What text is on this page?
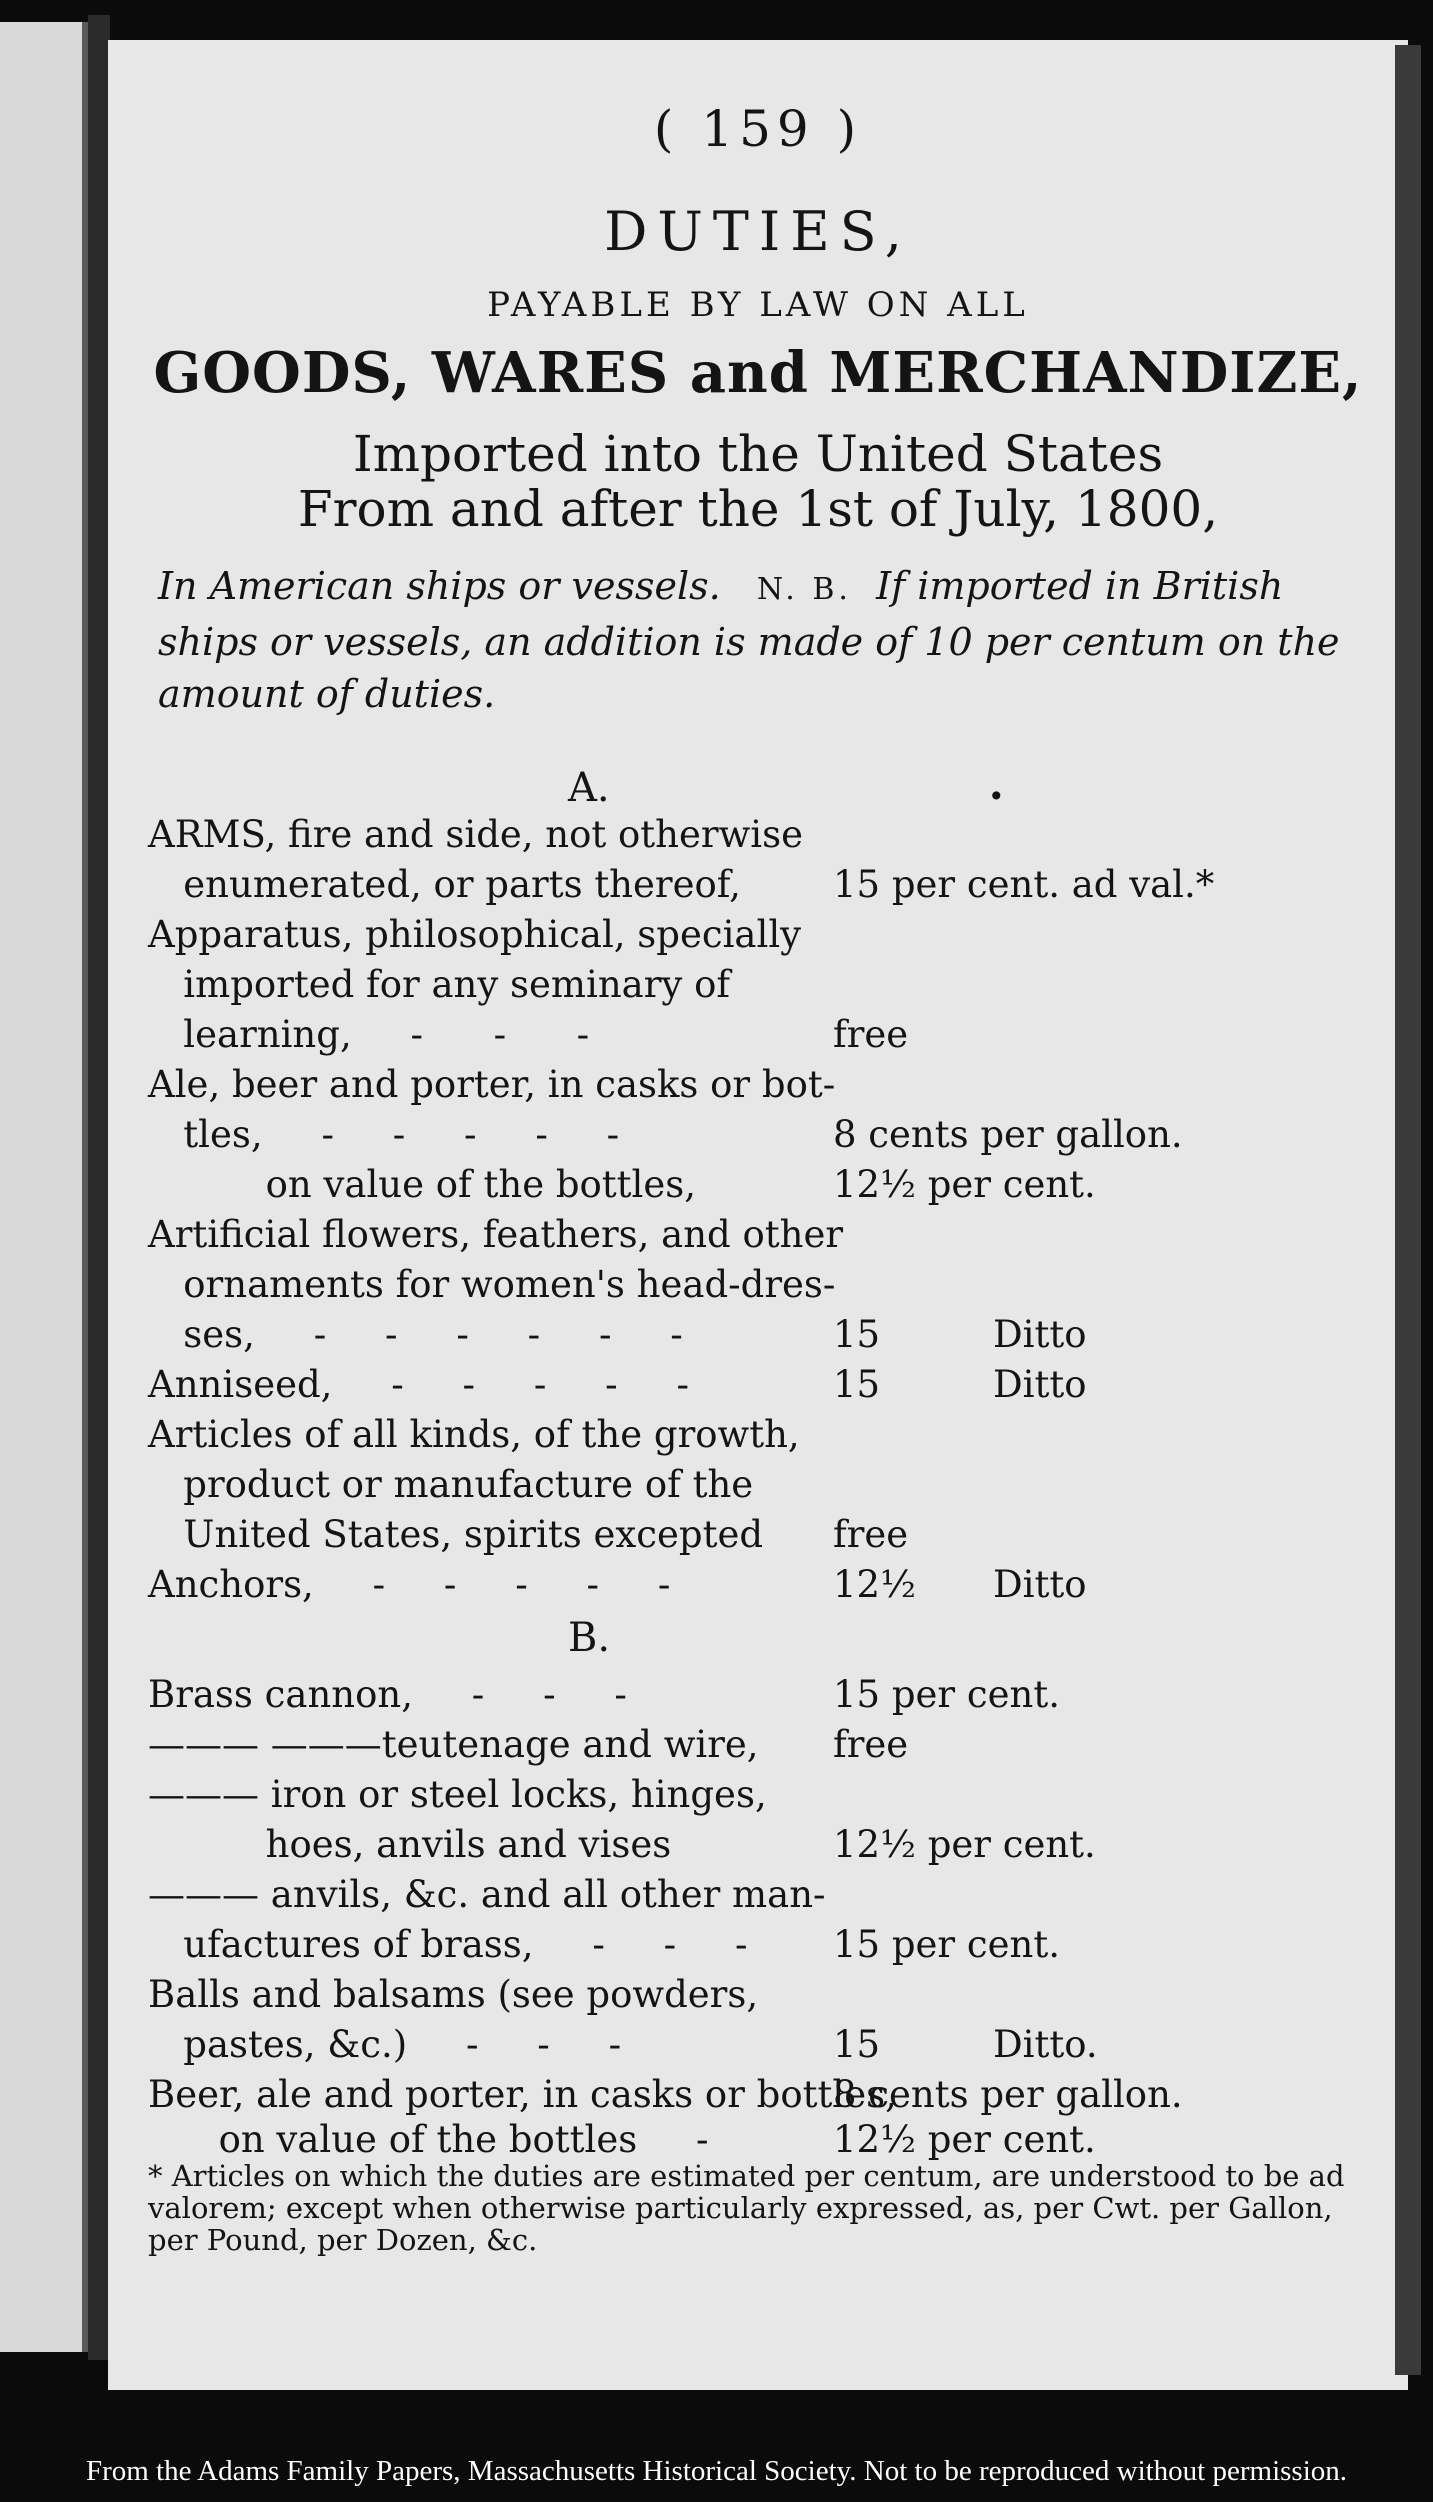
( 159 )
DUTIES,
PAYABLE BY LAW ON ALL
GOODS, WARES and MERCHANDIZE,
Imported into the United States
From and after the 1st of July, 1800,
In American ships or vessels. N. B. If imported in British ships or vessels, an addition is made of 10 per centum on the amount of duties.
A.	•
ARMS, fire and side, not otherwise
enumerated, or parts thereof,	15 per cent. ad val.*
Apparatus, philosophical, specially
imported for any seminary of
learning,     -      -      -	free
Ale, beer and porter, in casks or bot-
tles,     -     -     -     -     -	8 cents per gallon.
on value of the bottles,	12½ per cent.
Artificial flowers, feathers, and other
ornaments for women's head-dres-
ses,     -     -     -     -     -     -	15	Ditto
Anniseed,     -     -     -     -     -	15	Ditto
Articles of all kinds, of the growth,
product or manufacture of the
United States, spirits excepted	free
Anchors,     -     -     -     -     -	12½	Ditto
B.
Brass cannon,     -     -     -	15 per cent.
——— ———teutenage and wire,	free
——— iron or steel locks, hinges,
hoes, anvils and vises	12½ per cent.
——— anvils, &c. and all other man-
ufactures of brass,     -     -     -	15 per cent.
Balls and balsams (see powders,
pastes, &c.)     -     -     -	15	Ditto.
Beer, ale and porter, in casks or bottles,
8 cents per gallon.
on value of the bottles     -	12½ per cent.
* Articles on which the duties are estimated per centum, are understood to be ad valorem; except when otherwise particularly expressed, as, per Cwt. per Gallon, per Pound, per Dozen, &c.
From the Adams Family Papers, Massachusetts Historical Society. Not to be reproduced without permission.
